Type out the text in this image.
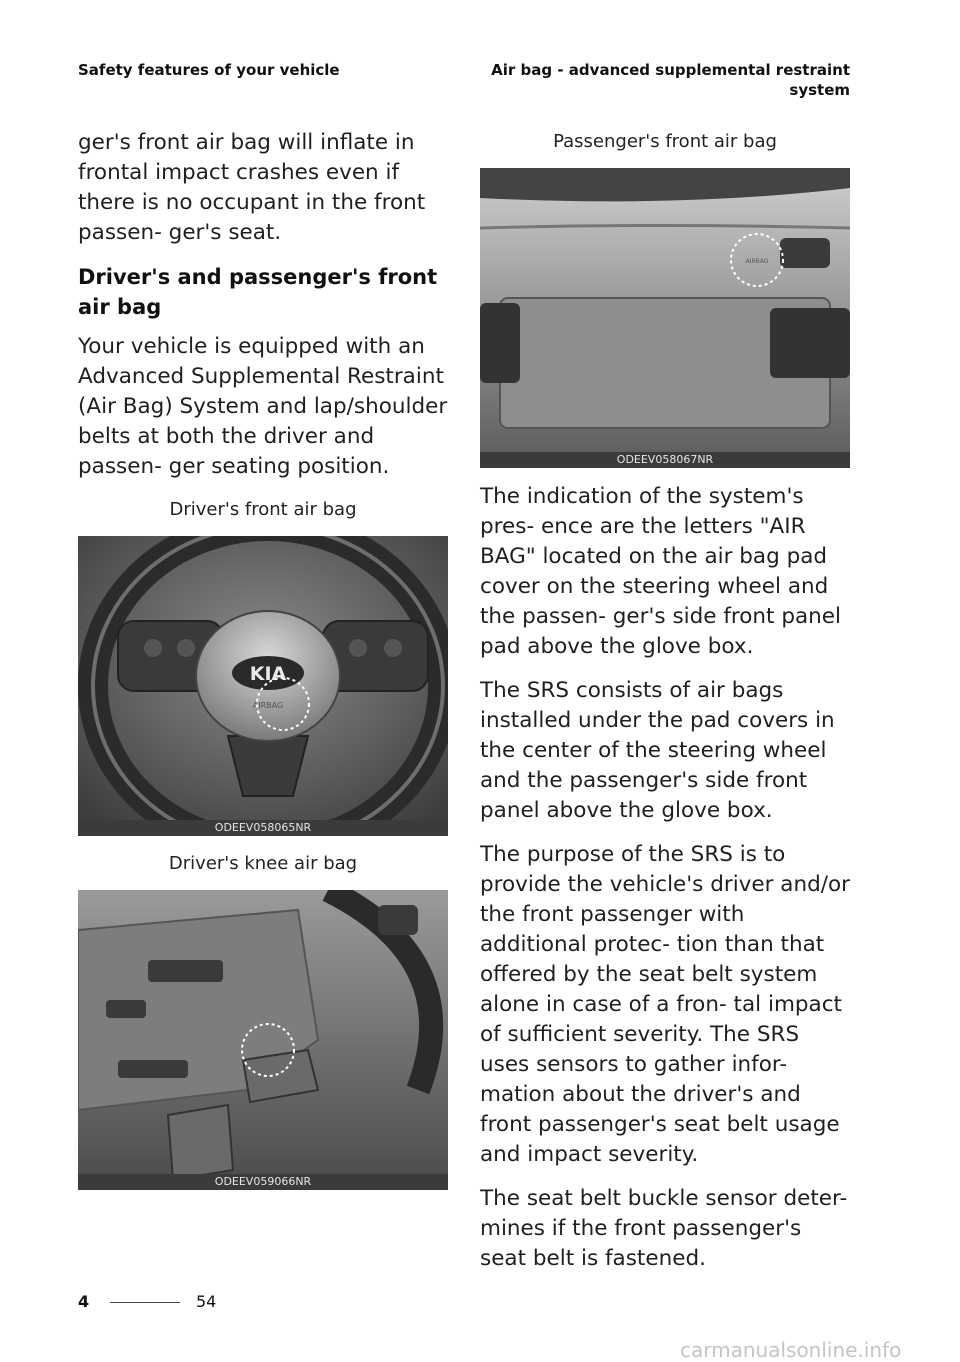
Safety features of your vehicle	Air bag - advanced supplemental restraint
system

ger's front air bag will inflate in frontal impact crashes even if there is no occupant in the front passen- ger's seat.

Driver's and passenger's front air bag

Your vehicle is equipped with an Advanced Supplemental Restraint (Air Bag) System and lap/shoulder belts at both the driver and passen- ger seating position.

Driver's front air bag
KIA
AIRBAG
ODEEV058065NR
Driver's knee air bag
ODEEV059066NR
Passenger's front air bag
AIRBAG
ODEEV058067NR

The indication of the system's pres- ence are the letters "AIR BAG" located on the air bag pad cover on the steering wheel and the passen- ger's side front panel pad above the glove box.

The SRS consists of air bags installed under the pad covers in the center of the steering wheel and the passenger's side front panel above the glove box.

The purpose of the SRS is to provide the vehicle's driver and/or the front passenger with additional protec- tion than that offered by the seat belt system alone in case of a fron- tal impact of sufficient severity. The SRS uses sensors to gather infor- mation about the driver's and front passenger's seat belt usage and impact severity.

The seat belt buckle sensor deter- mines if the front passenger's seat belt is fastened.

4	54
carmanualsonline.info
